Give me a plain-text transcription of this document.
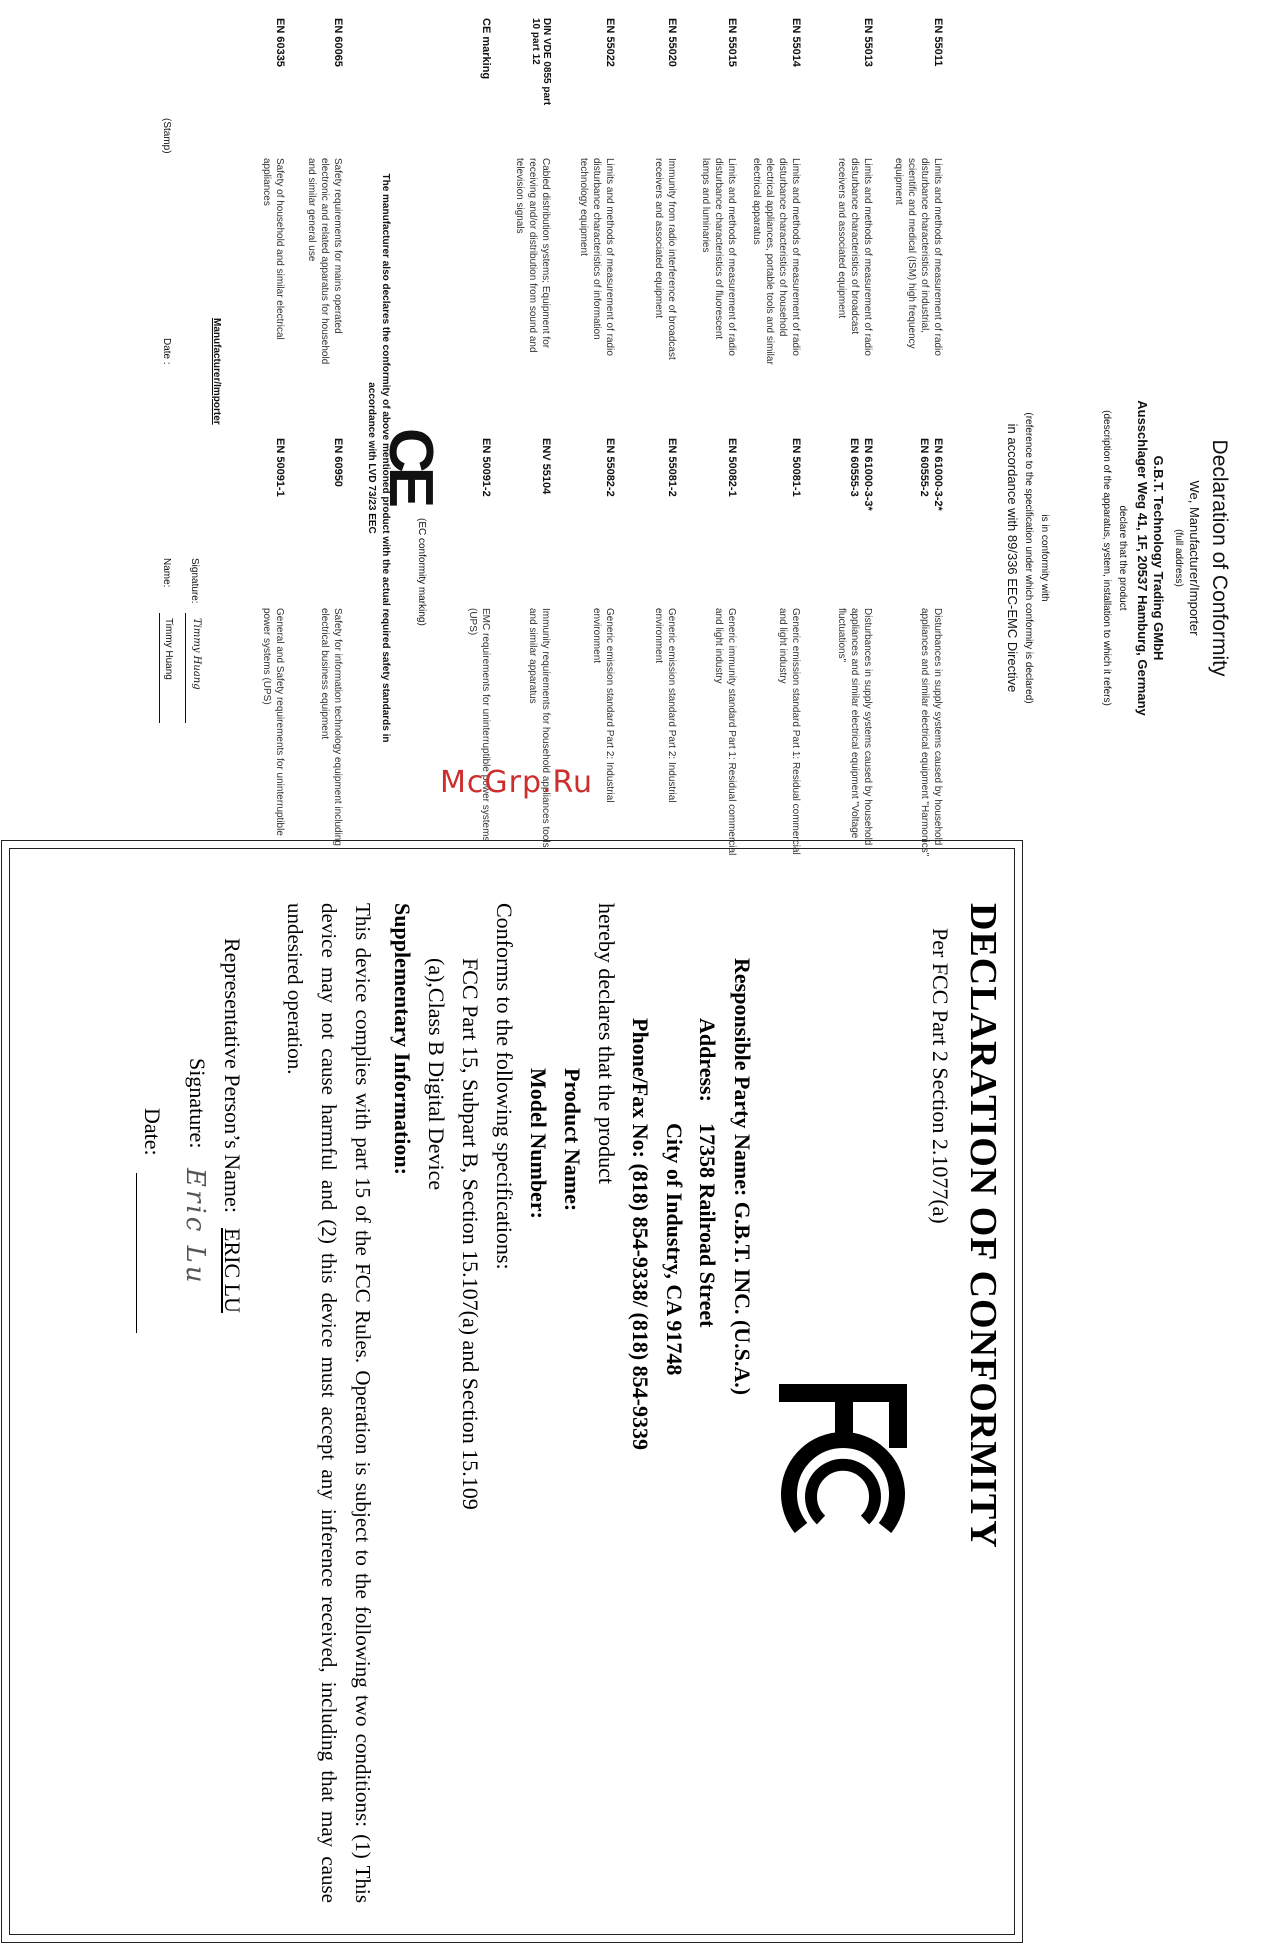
Declaration of Conformity
We, Manufacturer/Importer
(full address)
G.B.T. Technology Trading GMbH
Ausschlager Weg 41, 1F, 20537 Hamburg, Germany
declare that the product
(description of the apparatus, system, installation to which it refers)
is in conformity with
(reference to the specification under which conformity is declared)
in accordance with 89/336 EEC-EMC Directive
EN 55011
Limits and methods of measurement of radio disturbance characteristics of industrial, scientific and medical (ISM) high frequency equipment
EN 61000-3-2*
EN 60555-2
Disturbances in supply systems caused by household appliances and similar electrical equipment "Harmonics"
EN 55013
Limits and methods of measurement of radio disturbance characteristics of broadcast receivers and associated equipment
EN 61000-3-3*
EN 60555-3
Disturbances in supply systems caused by household appliances and similar electrical equipment "Voltage fluctuations"
EN 55014
Limits and methods of measurement of radio disturbance characteristics of household electrical appliances, portable tools and similar electrical apparatus
EN 50081-1
Generic emission standard Part 1: Residual commercial and light industry
EN 55015
Limits and methods of measurement of radio disturbance characteristics of fluorescent lamps and luminaries
EN 50082-1
Generic immunity standard Part 1: Residual commercial and light industry
EN 55020
Immunity from radio interference of broadcast receivers and associated equipment
EN 55081-2
Generic emission standard Part 2: Industrial environment
EN 55022
Limits and methods of measurement of radio disturbance characteristics of information technology equipment
EN 55082-2
Generic emission standard Part 2: Industrial environment
DIN VDE 0855 part 10 part 12
Cabled distribution systems; Equipment for receiving and/or distribution from sound and television signals
ENV 55104
Immunity requirements for household appliances tools and similar apparatus
CE marking
EN 50091-2
EMC requirements for uninterruptible power systems (UPS)
CE
(EC conformity marking)
The manufacturer also declares the conformity of above mentioned product with the actual required safety standards in accordance with LVD 73/23 EEC
EN 60065
Safety requirements for mains operated electronic and related apparatus for household and similar general use
EN 60950
Safety for information technology equipment including electrical business equipment
EN 60335
Safety of household and similar electrical appliances
EN 50091-1
General and Safety requirements for uninterruptible power systems (UPS)
Manufacturer/Importer
(Stamp)
Date :
Signature:
Name:
Timmy Huang
Timmy Huang
McGrp.Ru
DECLARATION OF CONFORMITY
Per FCC Part 2 Section 2.1077(a)
Responsible Party Name: G.B.T. INC. (U.S.A.)
Address:
17358 Railroad Street
City of Industry, CA 91748
Phone/Fax No: (818) 854-9338/ (818) 854-9339
hereby declares that the product
Product Name:
Model Number:
Conforms to the following specifications:
FCC Part 15, Subpart B, Section 15.107(a) and Section 15.109
(a),Class B Digital Device
Supplementary Information:
This device complies with part 15 of the FCC Rules. Operation is subject to the following two conditions: (1) This device may not cause harmful and (2) this device must accept any inference received, including that may cause undesired operation.
Representative Person’s Name:
ERIC LU
Signature:
Eric Lu
Date:
